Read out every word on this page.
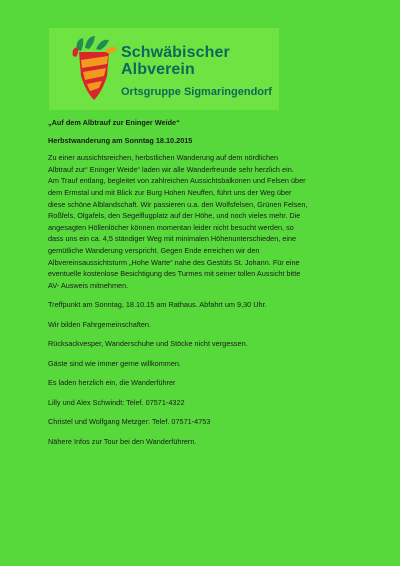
Schwäbischer
Albverein
Ortsgruppe Sigmaringendorf
„Auf dem Albtrauf zur Eninger Weide“
Herbstwanderung am Sonntag 18.10.2015
Zu einer aussichtsreichen, herbstlichen Wanderung auf dem nördlichen
Albtrauf zur“ Eninger Weide“ laden wir alle Wanderfreunde sehr herzlich ein.
Am Trauf entlang, begleitet von zahlreichen Aussichtsbalkonen und Felsen über
dem Ermstal und mit Blick zur Burg Hohen Neuffen, führt uns der Weg über
diese schöne Alblandschaft. Wir passieren u.a. den Wolfsfelsen, Grünen Felsen,
Roßfels, Olgafels, den Segelflugplatz auf der Höhe, und noch vieles mehr. Die
angesagten Höllenlöcher können momentan leider nicht besucht werden, so
dass uns ein ca. 4,5 ständiger Weg mit minimalen Höhenunterschieden, eine
gemütliche Wanderung verspricht. Gegen Ende erreichen wir den
Albvereinsaussichtsturm „Hohe Warte“ nahe des Gestüts St. Johann. Für eine
eventuelle kostenlose Besichtigung des Turmes mit seiner tollen Aussicht bitte
AV- Ausweis mitnehmen.
Treffpunkt am Sonntag, 18.10.15 am Rathaus. Abfahrt um 9,30 Uhr.
Wir bilden Fahrgemeinschaften.
Rücksackvesper, Wanderschuhe und Stöcke nicht vergessen.
Gäste sind wie immer gerne willkommen.
Es laden herzlich ein, die Wanderführer
Lilly und Alex Schwindt: Telef. 07571-4322
Christel und Wolfgang Metzger: Telef. 07571-4753
Nähere Infos zur Tour bei den Wanderführern.
